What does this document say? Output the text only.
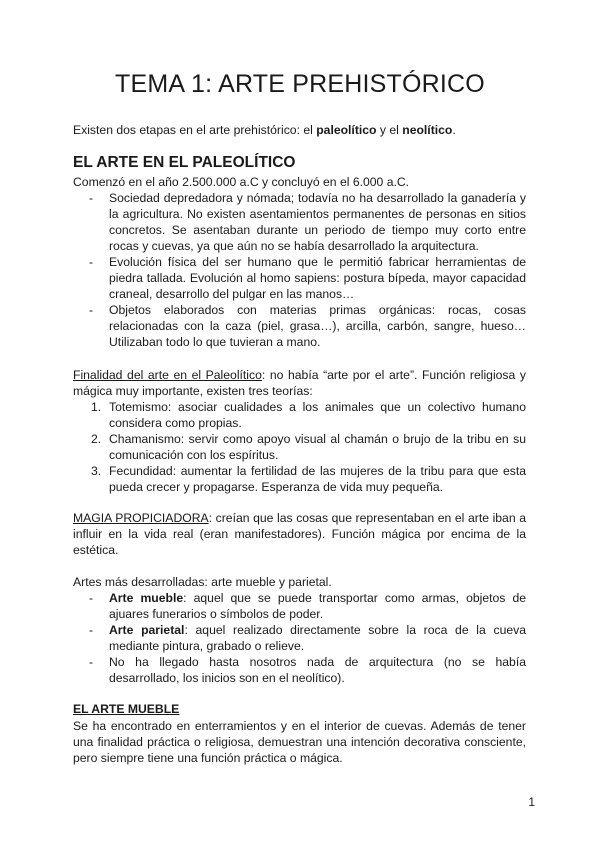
TEMA 1: ARTE PREHISTÓRICO
Existen dos etapas en el arte prehistórico: el paleolítico y el neolítico.
EL ARTE EN EL PALEOLÍTICO
Comenzó en el año 2.500.000 a.C y concluyó en el 6.000 a.C.
- Sociedad depredadora y nómada; todavía no ha desarrollado la ganadería y la agricultura. No existen asentamientos permanentes de personas en sitios concretos. Se asentaban durante un periodo de tiempo muy corto entre rocas y cuevas, ya que aún no se había desarrollado la arquitectura.
- Evolución física del ser humano que le permitió fabricar herramientas de piedra tallada. Evolución al homo sapiens: postura bípeda, mayor capacidad craneal, desarrollo del pulgar en las manos…
- Objetos elaborados con materias primas orgánicas: rocas, cosas relacionadas con la caza (piel, grasa…), arcilla, carbón, sangre, hueso… Utilizaban todo lo que tuvieran a mano.
Finalidad del arte en el Paleolítico: no había “arte por el arte”. Función religiosa y mágica muy importante, existen tres teorías:
1. Totemismo: asociar cualidades a los animales que un colectivo humano considera como propias.
2. Chamanismo: servir como apoyo visual al chamán o brujo de la tribu en su comunicación con los espíritus.
3. Fecundidad: aumentar la fertilidad de las mujeres de la tribu para que esta pueda crecer y propagarse. Esperanza de vida muy pequeña.
MAGIA PROPICIADORA: creían que las cosas que representaban en el arte iban a influir en la vida real (eran manifestadores). Función mágica por encima de la estética.
Artes más desarrolladas: arte mueble y parietal.
- Arte mueble: aquel que se puede transportar como armas, objetos de ajuares funerarios o símbolos de poder.
- Arte parietal: aquel realizado directamente sobre la roca de la cueva mediante pintura, grabado o relieve.
- No ha llegado hasta nosotros nada de arquitectura (no se había desarrollado, los inicios son en el neolítico).
EL ARTE MUEBLE
Se ha encontrado en enterramientos y en el interior de cuevas. Además de tener una finalidad práctica o religiosa, demuestran una intención decorativa consciente, pero siempre tiene una función práctica o mágica.
1
